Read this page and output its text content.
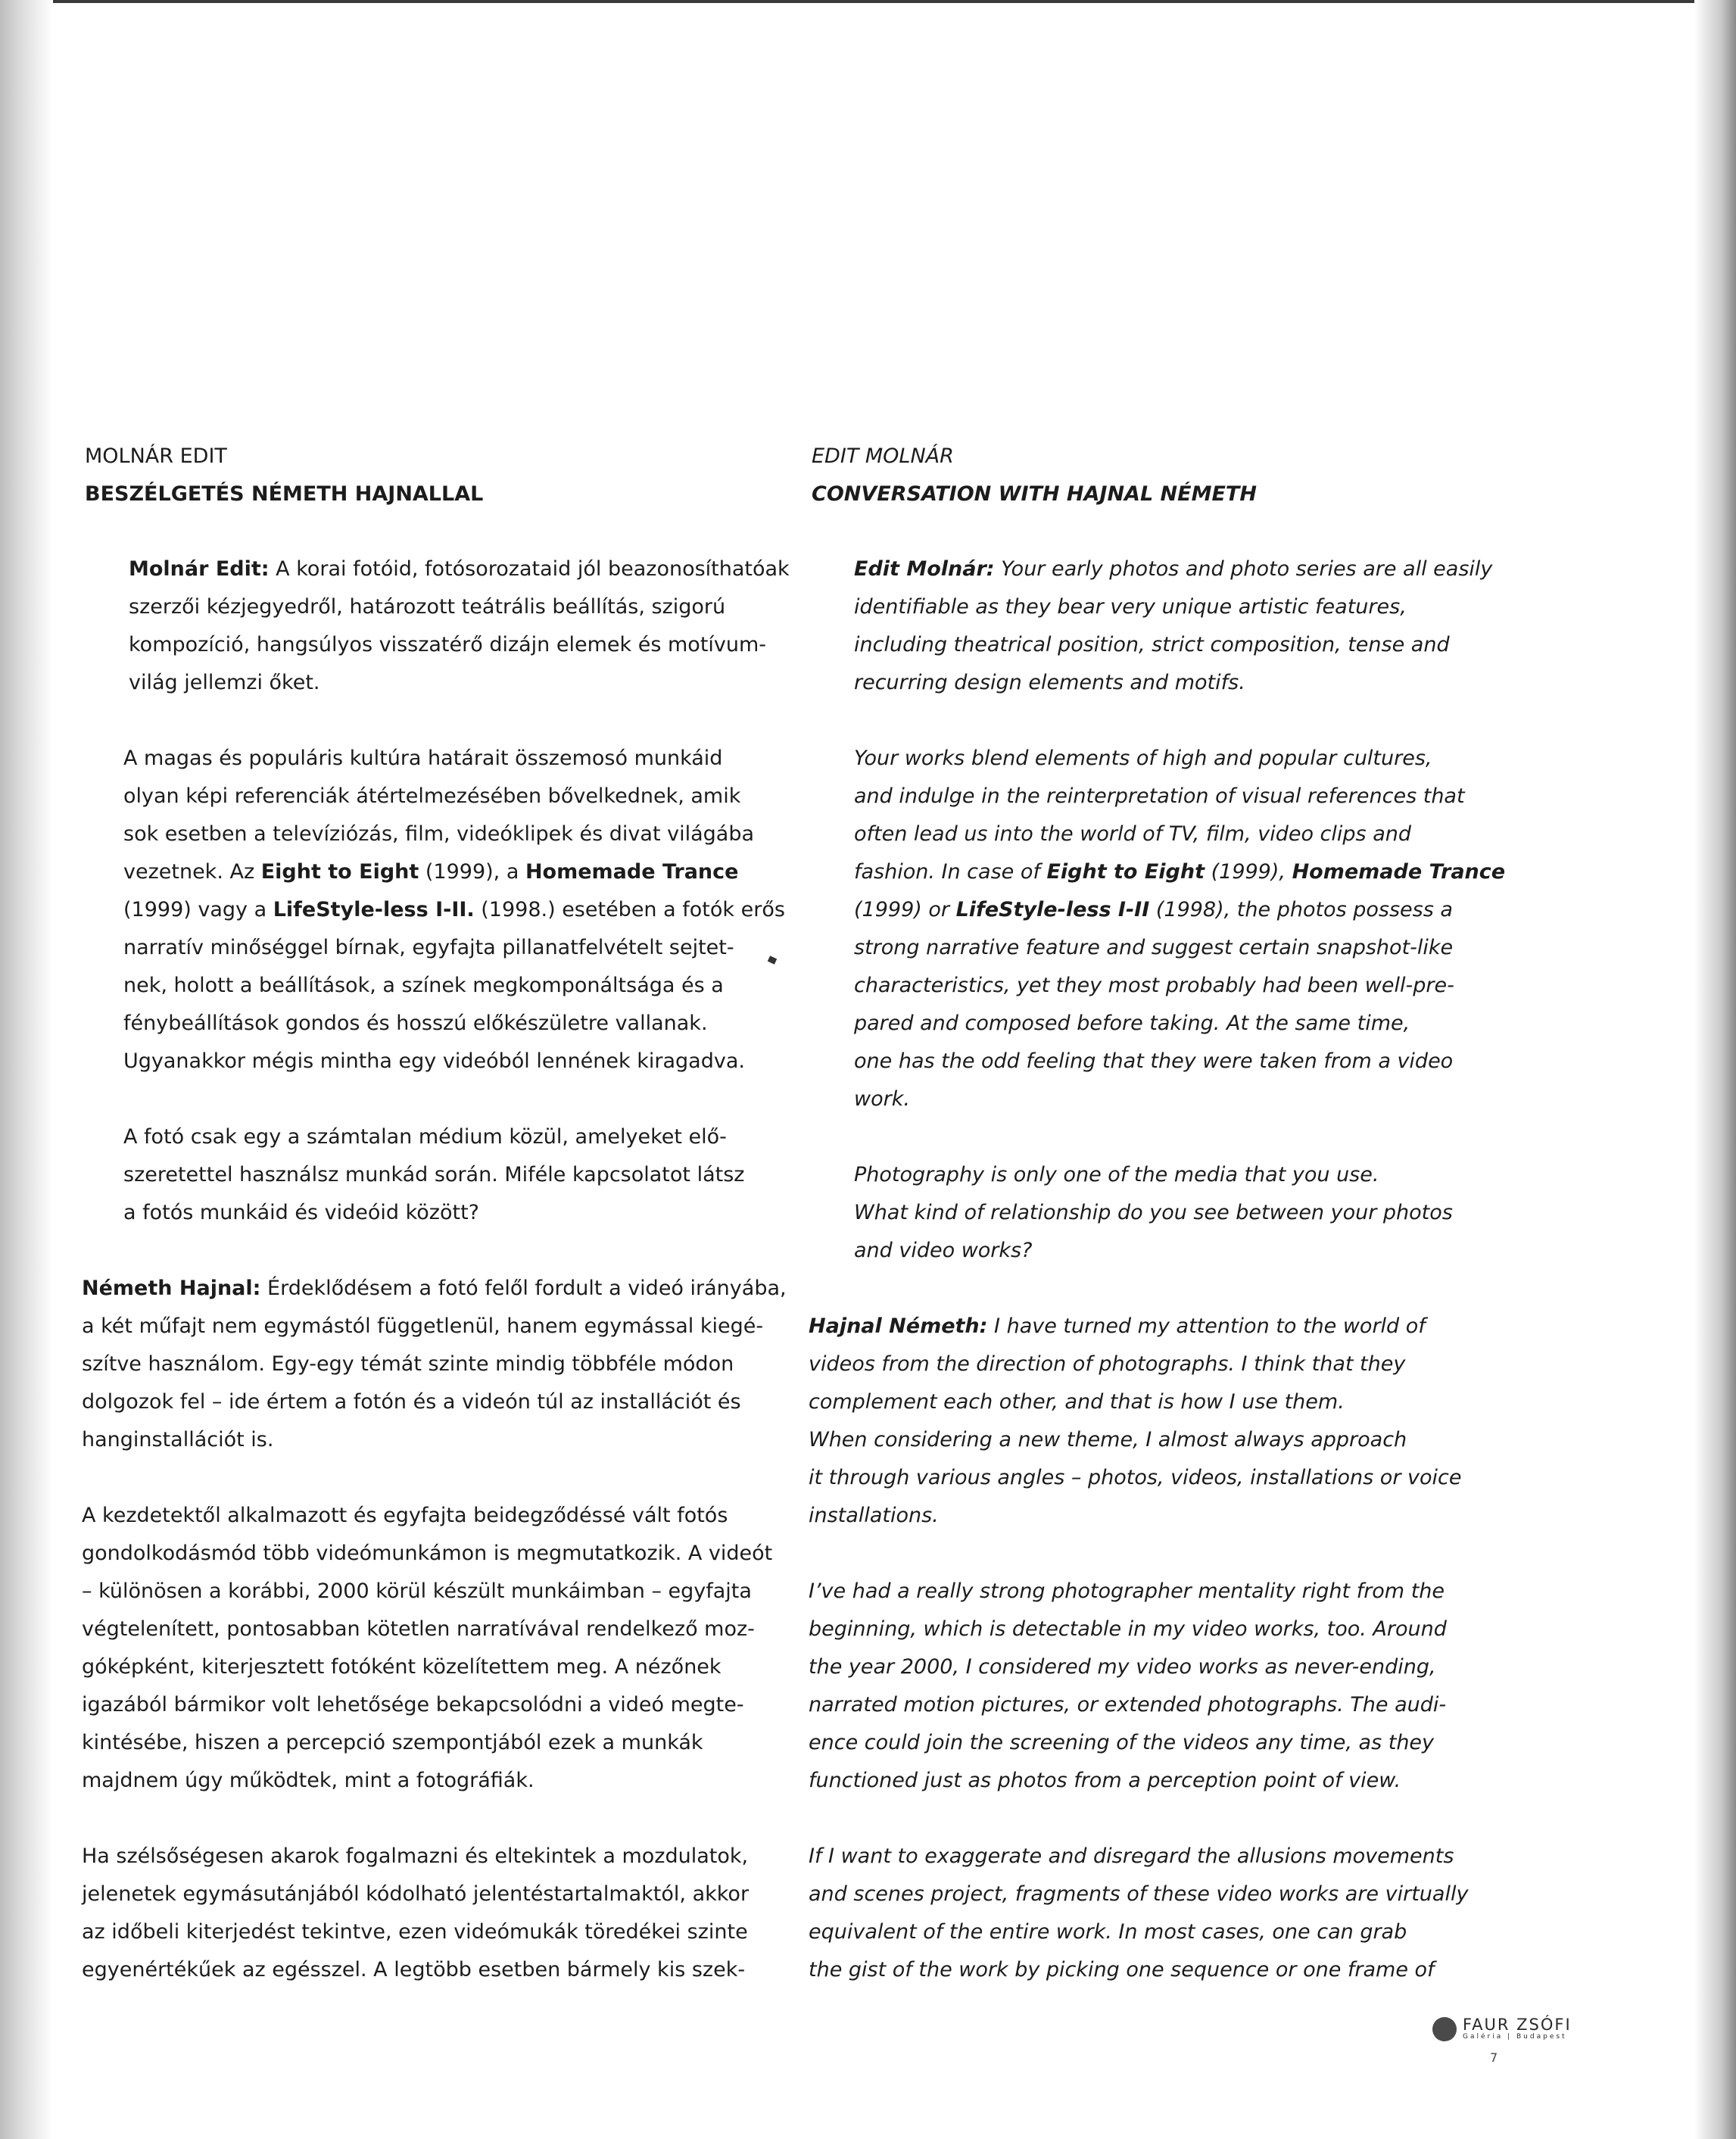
MOLNÁR EDIT
BESZÉLGETÉS NÉMETH HAJNALLAL
EDIT MOLNÁR
CONVERSATION WITH HAJNAL NÉMETH
Molnár Edit: A korai fotóid, fotósorozataid jól beazonosíthatóak
szerzői kézjegyedről, határozott teátrális beállítás, szigorú
kompozíció, hangsúlyos visszatérő dizájn elemek és motívum-
világ jellemzi őket.
A magas és populáris kultúra határait összemosó munkáid
olyan képi referenciák átértelmezésében bővelkednek, amik
sok esetben a televíziózás, film, videóklipek és divat világába
vezetnek. Az Eight to Eight (1999), a Homemade Trance
(1999) vagy a LifeStyle-less I-II. (1998.) esetében a fotók erős
narratív minőséggel bírnak, egyfajta pillanatfelvételt sejtet-
nek, holott a beállítások, a színek megkomponáltsága és a
fénybeállítások gondos és hosszú előkészületre vallanak.
Ugyanakkor mégis mintha egy videóból lennének kiragadva.
A fotó csak egy a számtalan médium közül, amelyeket elő-
szeretettel használsz munkád során. Miféle kapcsolatot látsz
a fotós munkáid és videóid között?
Németh Hajnal: Érdeklődésem a fotó felől fordult a videó irányába,
a két műfajt nem egymástól függetlenül, hanem egymással kiegé-
szítve használom. Egy-egy témát szinte mindig többféle módon
dolgozok fel – ide értem a fotón és a videón túl az installációt és
hanginstallációt is.
A kezdetektől alkalmazott és egyfajta beidegződéssé vált fotós
gondolkodásmód több videómunkámon is megmutatkozik. A videót
– különösen a korábbi, 2000 körül készült munkáimban – egyfajta
végtelenített, pontosabban kötetlen narratívával rendelkező moz-
góképként, kiterjesztett fotóként közelítettem meg. A nézőnek
igazából bármikor volt lehetősége bekapcsolódni a videó megte-
kintésébe, hiszen a percepció szempontjából ezek a munkák
majdnem úgy működtek, mint a fotográfiák.
Ha szélsőségesen akarok fogalmazni és eltekintek a mozdulatok,
jelenetek egymásutánjából kódolható jelentéstartalmaktól, akkor
az időbeli kiterjedést tekintve, ezen videómukák töredékei szinte
egyenértékűek az egésszel. A legtöbb esetben bármely kis szek-
Edit Molnár: Your early photos and photo series are all easily
identifiable as they bear very unique artistic features,
including theatrical position, strict composition, tense and
recurring design elements and motifs.
Your works blend elements of high and popular cultures,
and indulge in the reinterpretation of visual references that
often lead us into the world of TV, film, video clips and
fashion. In case of Eight to Eight (1999), Homemade Trance
(1999) or LifeStyle-less I-II (1998), the photos possess a
strong narrative feature and suggest certain snapshot-like
characteristics, yet they most probably had been well-pre-
pared and composed before taking. At the same time,
one has the odd feeling that they were taken from a video
work.
Photography is only one of the media that you use.
What kind of relationship do you see between your photos
and video works?
Hajnal Németh: I have turned my attention to the world of
videos from the direction of photographs. I think that they
complement each other, and that is how I use them.
When considering a new theme, I almost always approach
it through various angles – photos, videos, installations or voice
installations.
I’ve had a really strong photographer mentality right from the
beginning, which is detectable in my video works, too. Around
the year 2000, I considered my video works as never-ending,
narrated motion pictures, or extended photographs. The audi-
ence could join the screening of the videos any time, as they
functioned just as photos from a perception point of view.
If I want to exaggerate and disregard the allusions movements
and scenes project, fragments of these video works are virtually
equivalent of the entire work. In most cases, one can grab
the gist of the work by picking one sequence or one frame of
FAUR ZSÓFI
Galéria | Budapest
7
